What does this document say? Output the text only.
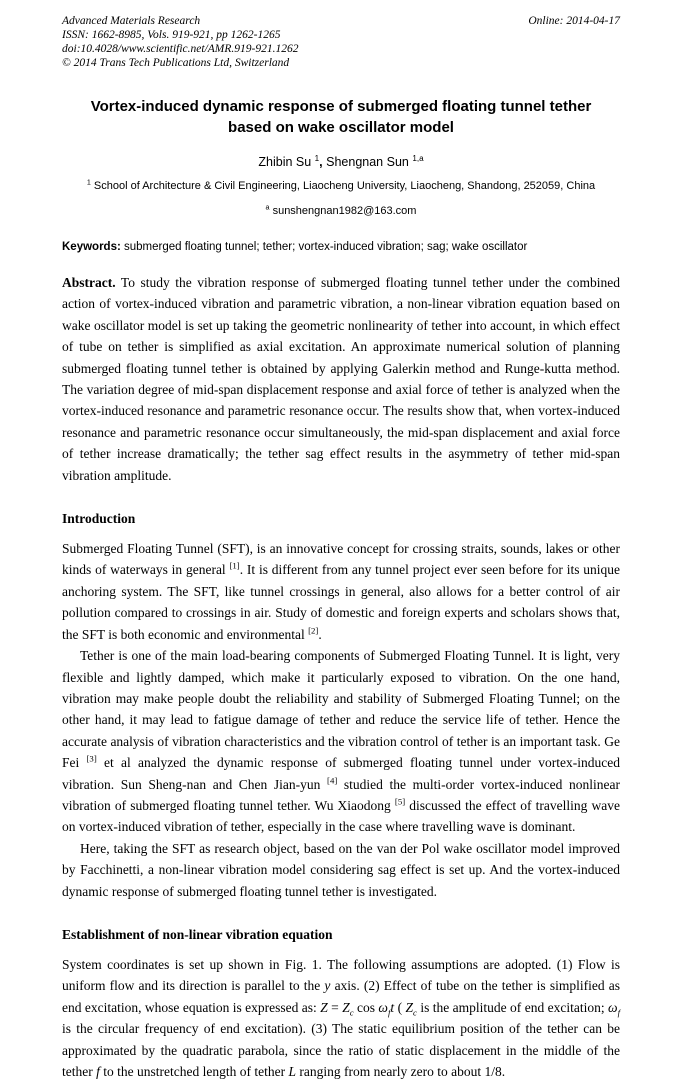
Advanced Materials Research
ISSN: 1662-8985, Vols. 919-921, pp 1262-1265
doi:10.4028/www.scientific.net/AMR.919-921.1262
© 2014 Trans Tech Publications Ltd, Switzerland
Online: 2014-04-17
Vortex-induced dynamic response of submerged floating tunnel tether
based on wake oscillator model
Zhibin Su $^1$, Shengnan Sun $^{1,a}$
$^1$ School of Architecture & Civil Engineering, Liaocheng University, Liaocheng, Shandong, 252059, China
$^a$ sunshengnan1982@163.com

Keywords: submerged floating tunnel; tether; vortex-induced vibration; sag; wake oscillator

Abstract. To study the vibration response of submerged floating tunnel tether under the combined action of vortex-induced vibration and parametric vibration, a non-linear vibration equation based on wake oscillator model is set up taking the geometric nonlinearity of tether into account, in which effect of tube on tether is simplified as axial excitation. An approximate numerical solution of planning submerged floating tunnel tether is obtained by applying Galerkin method and Runge-kutta method. The variation degree of mid-span displacement response and axial force of tether is analyzed when the vortex-induced resonance and parametric resonance occur. The results show that, when vortex-induced resonance and parametric resonance occur simultaneously, the mid-span displacement and axial force of tether increase dramatically; the tether sag effect results in the asymmetry of tether mid-span vibration amplitude.

Introduction

Submerged Floating Tunnel (SFT), is an innovative concept for crossing straits, sounds, lakes or other kinds of waterways in general [1]. It is different from any tunnel project ever seen before for its unique anchoring system. The SFT, like tunnel crossings in general, also allows for a better control of air pollution compared to crossings in air. Study of domestic and foreign experts and scholars shows that, the SFT is both economic and environmental [2].

Tether is one of the main load-bearing components of Submerged Floating Tunnel. It is light, very flexible and lightly damped, which make it particularly exposed to vibration. On the one hand, vibration may make people doubt the reliability and stability of Submerged Floating Tunnel; on the other hand, it may lead to fatigue damage of tether and reduce the service life of tether. Hence the accurate analysis of vibration characteristics and the vibration control of tether is an important task. Ge Fei [3] et al analyzed the dynamic response of submerged floating tunnel under vortex-induced vibration. Sun Sheng-nan and Chen Jian-yun [4] studied the multi-order vortex-induced nonlinear vibration of submerged floating tunnel tether. Wu Xiaodong [5] discussed the effect of travelling wave on vortex-induced vibration of tether, especially in the case where travelling wave is dominant.

Here, taking the SFT as research object, based on the van der Pol wake oscillator model improved by Facchinetti, a non-linear vibration model considering sag effect is set up. And the vortex-induced dynamic response of submerged floating tunnel tether is investigated.

Establishment of non-linear vibration equation

System coordinates is set up shown in Fig. 1. The following assumptions are adopted. (1) Flow is uniform flow and its direction is parallel to the y axis. (2) Effect of tube on the tether is simplified as end excitation, whose equation is expressed as: $Z = Z_c$ $\cos \omega_ft$ ( $Z_c$ is the amplitude of end excitation; $\omega_f$ is the circular frequency of end excitation). (3) The static equilibrium position of the tether can be approximated by the quadratic parabola, since the ratio of static displacement in the middle of the tether f to the unstretched length of tether L ranging from nearly zero to about 1/8.
